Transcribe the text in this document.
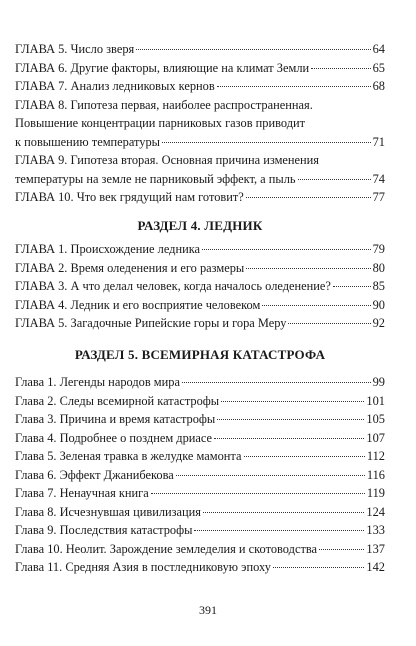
ГЛАВА 5. Число зверя	64
ГЛАВА 6. Другие факторы, влияющие на климат Земли	65
ГЛАВА 7. Анализ ледниковых кернов	68
ГЛАВА 8. Гипотеза первая, наиболее распространенная.
Повышение концентрации парниковых газов приводит
к повышению температуры	71
ГЛАВА 9. Гипотеза вторая. Основная причина изменения
температуры на земле не парниковый эффект, а пыль	74
ГЛАВА 10. Что век грядущий нам готовит?	77
РАЗДЕЛ 4. ЛЕДНИК
ГЛАВА 1. Происхождение ледника	79
ГЛАВА 2. Время оледенения и его размеры	80
ГЛАВА 3. А что делал человек, когда началось оледенение?	85
ГЛАВА 4. Ледник и его восприятие человеком	90
ГЛАВА 5. Загадочные Рипейские горы и гора Меру	92
РАЗДЕЛ 5. ВСЕМИРНАЯ КАТАСТРОФА
Глава 1. Легенды народов мира	99
Глава 2. Следы всемирной катастрофы	101
Глава 3. Причина и время катастрофы	105
Глава 4. Подробнее о позднем дриасе	107
Глава 5. Зеленая травка в желудке мамонта	112
Глава 6. Эффект Джанибекова	116
Глава 7. Ненаучная книга	119
Глава 8. Исчезнувшая цивилизация	124
Глава 9. Последствия катастрофы	133
Глава 10. Неолит. Зарождение земледелия и скотоводства	137
Глава 11. Средняя Азия в постледниковую эпоху	142
391
